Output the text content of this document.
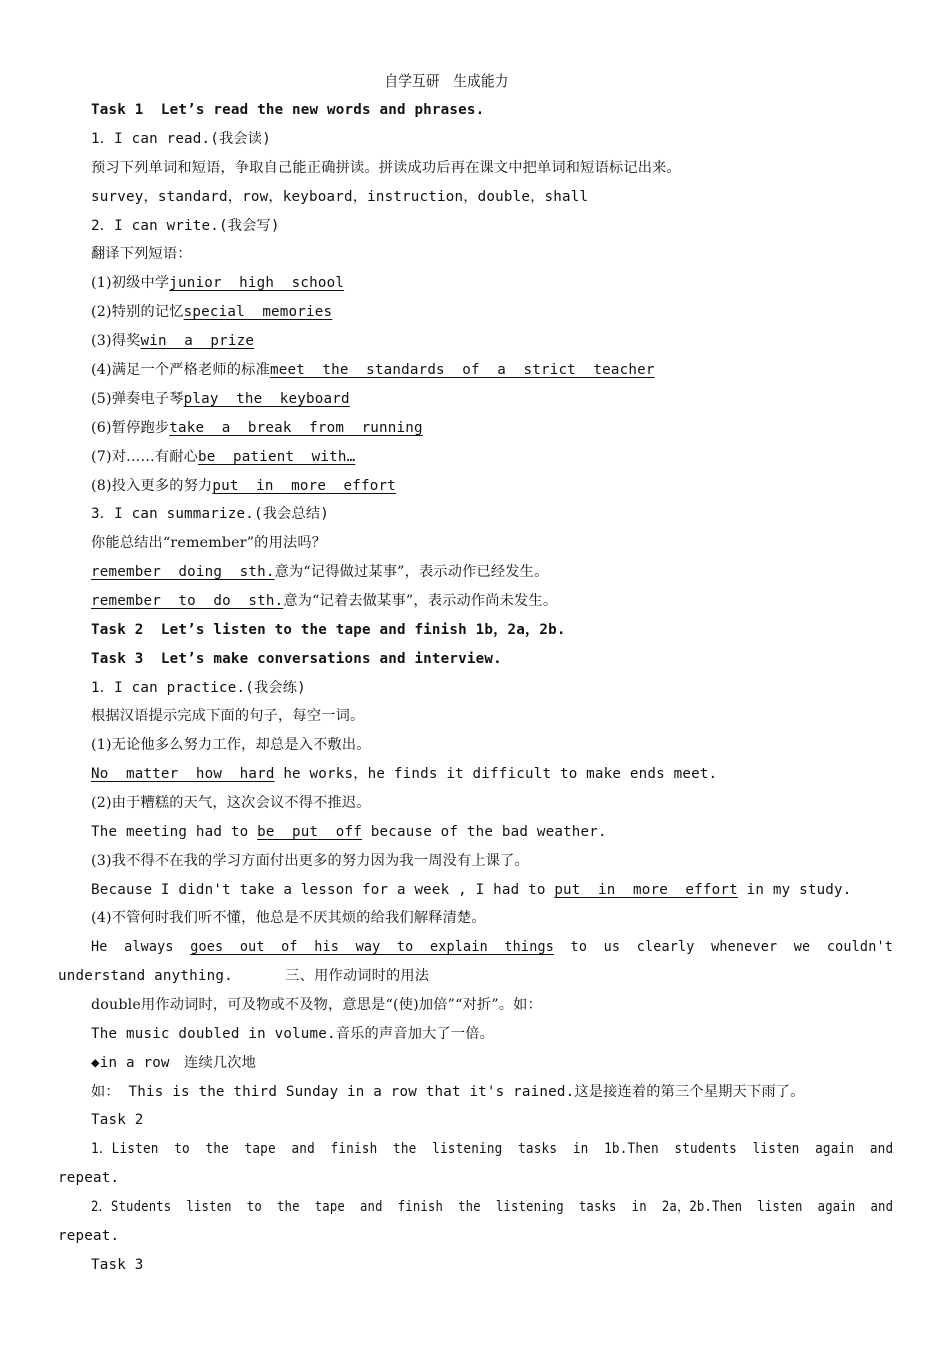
自学互研　生成能力
Task 1  Let’s read the new words and phrases.
1．I can read.(我会读)
预习下列单词和短语，争取自己能正确拼读。拼读成功后再在课文中把单词和短语标记出来。
survey，standard，row，keyboard，instruction，double，shall
2．I can write.(我会写)
翻译下列短语：
(1)初级中学junior  high  school
(2)特别的记忆special  memories
(3)得奖win  a  prize
(4)满足一个严格老师的标准meet  the  standards  of  a  strict  teacher
(5)弹奏电子琴play  the  keyboard
(6)暂停跑步take  a  break  from  running
(7)对……有耐心be  patient  with…
(8)投入更多的努力put  in  more  effort
3．I can summarize.(我会总结)
你能总结出“remember”的用法吗？
remember  doing  sth.意为“记得做过某事”，表示动作已经发生。
remember  to  do  sth.意为“记着去做某事”，表示动作尚未发生。
Task 2  Let’s listen to the tape and finish 1b，2a，2b.
Task 3  Let’s make conversations and interview.
1．I can practice.(我会练)
根据汉语提示完成下面的句子，每空一词。
(1)无论他多么努力工作，却总是入不敷出。
No  matter  how  hard he works，he finds it difficult to make ends meet.
(2)由于糟糕的天气，这次会议不得不推迟。
The meeting had to be  put  off because of the bad weather.
(3)我不得不在我的学习方面付出更多的努力因为我一周没有上课了。
Because I didn't take a lesson for a week , I had to put  in  more  effort in my study.
(4)不管何时我们听不懂，他总是不厌其烦的给我们解释清楚。
He  always  goes  out  of  his  way  to  explain  things  to  us  clearly  whenever  we  couldn't
understand anything.	三、用作动词时的用法
double用作动词时，可及物或不及物，意思是“(使)加倍”“对折”。如：
The music doubled in volume.音乐的声音加大了一倍。
◆in a row　连续几次地
如： This is the third Sunday in a row that it's rained.这是接连着的第三个星期天下雨了。
Task 2
1．Listen  to  the  tape  and  finish  the  listening  tasks  in  1b.Then  students  listen  again  and
repeat.
2．Students  listen  to  the  tape  and  finish  the  listening  tasks  in  2a，2b.Then  listen  again  and
repeat.
Task 3
